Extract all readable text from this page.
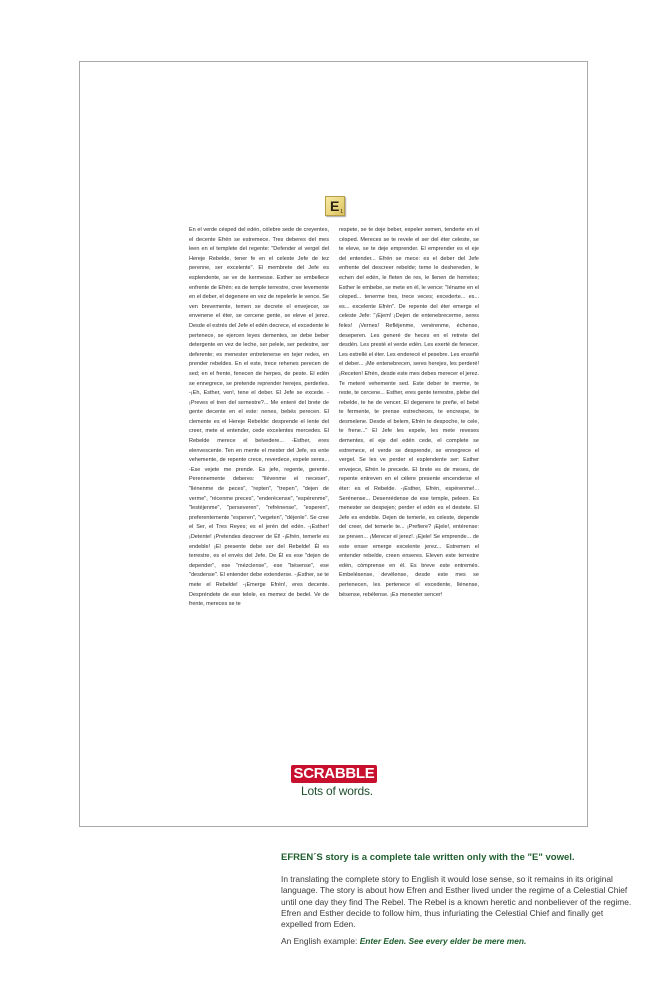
E 1
En el verde césped del edén, célebre sede de creyentes, el decente Efrén se estremece. Tres deberes del mes leen en el templete del regente: "Defender el vergel del Hereje Rebelde, tener fe en el celeste Jefe de tez perenne, ser excelente". El membrete del Jefe es esplendente, se ve de kermesse. Esther se embellece enfrente de Efrén: es de temple terrestre, cree levemente en el deber, el degenere en vez de repelerle le vence. Se ven brevemente, temen se decrete el envejecer, se envenene el éter, se cercene gente, se eleve el jerez. Desde el estrés del Jefe el edén decrece, el excedente le pertenece, se ejercen leyes dementes, se debe beber detergente en vez de leche, ser pelele, ser pedestre, ser deferente; es menester entretenerse en tejer redes, en prender rebeldes. En el este, trece rehenes perecen de sed; en el frente, fenecen de herpes, de peste. El edén se ennegrece, se pretende reprender herejes, perderles. -¡Eh, Esther, ven!, tene el deber. El Jefe se excede. -¡Preves el tren del semestre?... Me enteré del brete de gente decente en el este: nenes, bebés perecen. El clemente es el Hereje Rebelde: desprende el lente del creer, mete el entender, cede excelentes mercedes. El Rebelde merece el belvedere... -Esther, eres elenvescente. Ten en mente el mester del Jefe, es ente vehemente, de repente crece, reverdece, expele seres... -Ese vejete me prende. Es jefe, regente, gerente. Perennemente deberes: "llévenme el neceser", "llénenme de peces", "repten", "trepen", "dejen de verme", "récenme preces", "enderécense", "espérenme", "lestéjenme", "perseveren", "refrénense", "esperen", preferentemente "esperen", "vegeten", "déjenle". Se cree el Ser, el Tres Reyes; es el jerén del edén. -¡Esther! ¡Detente! ¡Pretendes descreer de Él! -¡Efrén, temerle es endeble! ¡El presente debe ser del Rebelde! Él es terrestre, es el envés del Jefe. De Él es ese "dejen de depender", ese "mézclense", ese "bésense", ese "desdense". El entender debe extenderse. -¡Esther, se te mete el Rebelde! -¡Emerge Efrén!, eres decente. Despréndete de ese telele, es memez de bedel. Ve de frente, mereces se te
respete, se te deje beber, expeler semen, tenderte en el césped. Mereces se te revele el ser del éter celeste, se te eleve, se te deje emprender. El emprender es el eje del entender... Efrén se mece: es el deber del Jefe enfrente del descreer rebelde; teme le deshereden, le echen del edén, le fleten de res, le llenen de herretes; Esther le embebe, se mete en él, le vence: "Iéname en el césped... tenerme tres, trece veces; excederte... es... es... excelente Efrén". De repente del éter emerge el celeste Jefe: "¡Ejem! ¡Dejen de entenebrecerme, seres feles! ¡Vernes! Refléjenme, venérenme, échense, deseperen. Les generé de heces en el retrete del desdén. Les presté el verde edén. Les exerté de fenecer. Les estrellé el éter. Les enderecé el pesebre. Les enseñé el deber... ¡Me entenebrecen, seres herejes, les perderé! ¡Receten! Efrén, desde este mes debes merecer el jerez. Te meteré vehemente sed. Este deber te merme, te reste, te cercene... Esther, eres gente terrestre, plebe del rebelde, te he de vencer. El degenere te preñe, el bebé te fermente, te prense estrecheces, te encrespe, te desmelene. Desde el belem, Efrén te despoche, te cele, te frene..." El Jefe les expele, les mete reveses dementes, el eje del edén cede, el complete se estremece, el verde se desprende, se ennegrece el vergel. Se les ve perder el esplendente ser: Esther envejece, Efrén le precede. El brete es de meses, de repente entreven en el célere presente encenderse el éter: es el Rebelde. -¡Esther, Efrén, espérenme!... Serénense... Desenrédense de ese temple, peleen. Es menester se despejen; perder el edén es el destete. El Jefe es endeble. Dejen de temerle, es celeste, depende del creer, del temerle te... ¡Prefiere? ¡Ejele!, entérense: se preven... ¡Merecer el jerez!. ¡Ejele! Se emprende... de este enser emerge excelente jerez... Estremen el entender rebelde, creen enseres. Eleven este terrestre edén, cómprense en él. Es breve este entremés. Embelésense, devélense, desde este mes se pertenecen, les pertenece el excedente, llénense, bésense, rebélense. ¡Es menester sencer!
SCRABBLE
Lots of words.
EFREN´S story is a complete tale written only with the "E" vowel.
In translating the complete story to English it would lose sense, so it remains in its original language. The story is about how Efren and Esther lived under the regime of a Celestial Chief until one day they find The Rebel. The Rebel is a known heretic and nonbeliever of the regime. Efren and Esther decide to follow him, thus infuriating the Celestial Chief and finally get expelled from Eden.
An English example: Enter Eden. See every elder be mere men.
